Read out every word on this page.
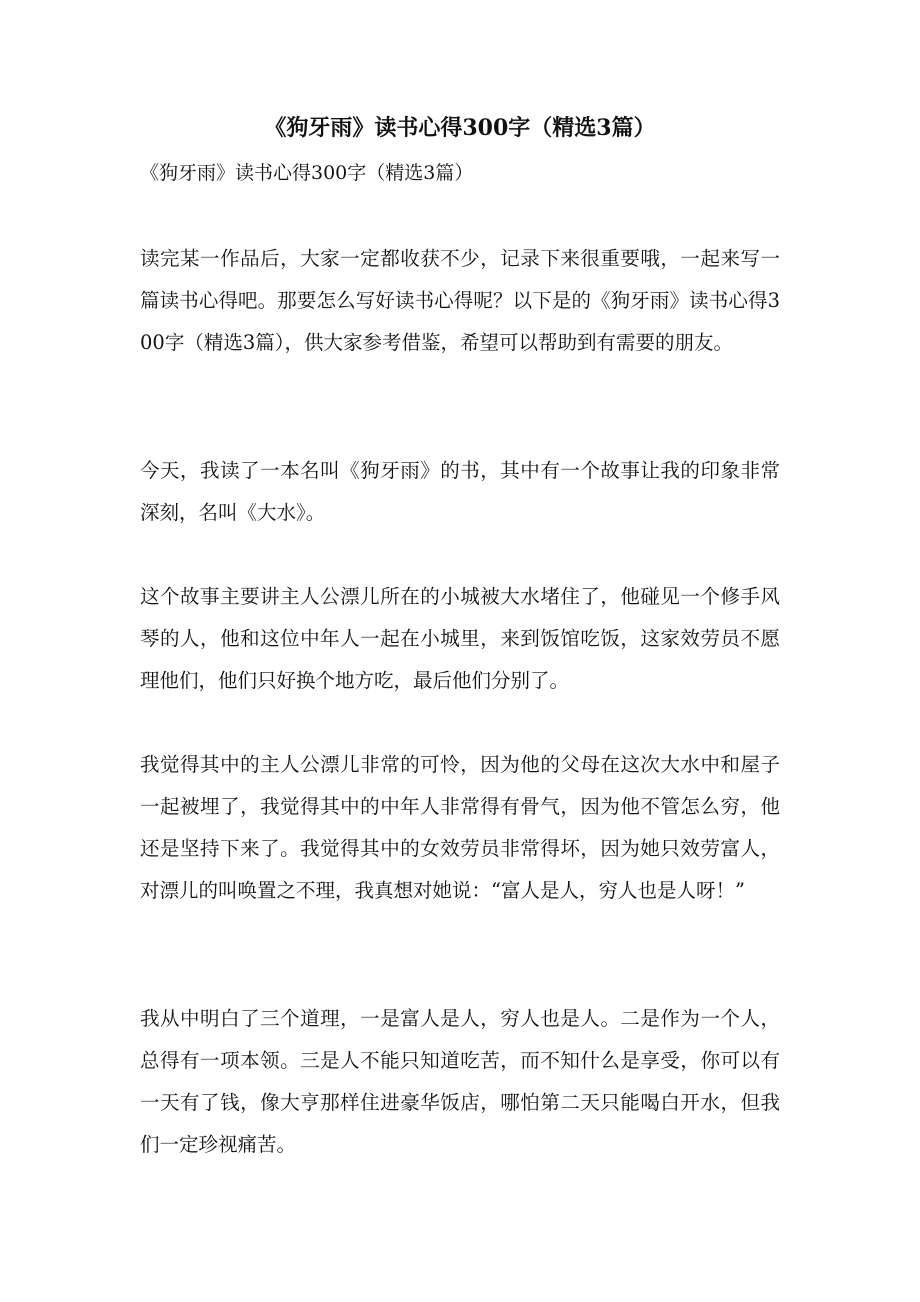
《狗牙雨》读书心得300字（精选3篇）
《狗牙雨》读书心得300字（精选3篇）

读完某一作品后，大家一定都收获不少，记录下来很重要哦，一起来写一篇读书心得吧。那要怎么写好读书心得呢？以下是的《狗牙雨》读书心得300字（精选3篇），供大家参考借鉴，希望可以帮助到有需要的朋友。

今天，我读了一本名叫《狗牙雨》的书，其中有一个故事让我的印象非常深刻，名叫《大水》。

这个故事主要讲主人公漂儿所在的小城被大水堵住了，他碰见一个修手风琴的人，他和这位中年人一起在小城里，来到饭馆吃饭，这家效劳员不愿理他们，他们只好换个地方吃，最后他们分别了。

我觉得其中的主人公漂儿非常的可怜，因为他的父母在这次大水中和屋子一起被埋了，我觉得其中的中年人非常得有骨气，因为他不管怎么穷，他还是坚持下来了。我觉得其中的女效劳员非常得坏，因为她只效劳富人，对漂儿的叫唤置之不理，我真想对她说：“富人是人，穷人也是人呀！”

我从中明白了三个道理，一是富人是人，穷人也是人。二是作为一个人，总得有一项本领。三是人不能只知道吃苦，而不知什么是享受，你可以有一天有了钱，像大亨那样住进豪华饭店，哪怕第二天只能喝白开水，但我们一定珍视痛苦。
